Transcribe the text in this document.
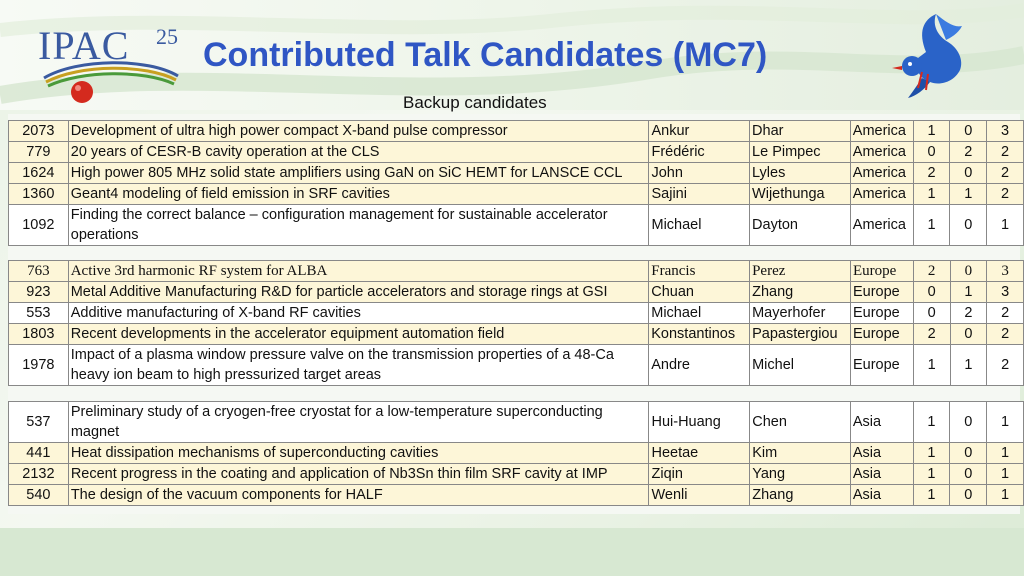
IPAC 25 Contributed Talk Candidates (MC7)
Backup candidates
2073	Development of ultra high power compact X-band pulse compressor	Ankur	Dhar	America	1	0	3
779	20 years of CESR-B cavity operation at the CLS	Frédéric	Le Pimpec	America	0	2	2
1624	High power 805 MHz solid state amplifiers using GaN on SiC HEMT for LANSCE CCL	John	Lyles	America	2	0	2
1360	Geant4 modeling of field emission in SRF cavities	Sajini	Wijethunga	America	1	1	2
1092	Finding the correct balance – configuration management for sustainable accelerator operations	Michael	Dayton	America	1	0	1
763	Active 3rd harmonic RF system for ALBA	Francis	Perez	Europe	2	0	3
923	Metal Additive Manufacturing R&D for particle accelerators and storage rings at GSI	Chuan	Zhang	Europe	0	1	3
553	Additive manufacturing of X-band RF cavities	Michael	Mayerhofer	Europe	0	2	2
1803	Recent developments in the accelerator equipment automation field	Konstantinos	Papastergiou	Europe	2	0	2
1978	Impact of a plasma window pressure valve on the transmission properties of a 48-Ca heavy ion beam to high pressurized target areas	Andre	Michel	Europe	1	1	2
537	Preliminary study of a cryogen-free cryostat for a low-temperature superconducting magnet	Hui-Huang	Chen	Asia	1	0	1
441	Heat dissipation mechanisms of superconducting cavities	Heetae	Kim	Asia	1	0	1
2132	Recent progress in the coating and application of Nb3Sn thin film SRF cavity at IMP	Ziqin	Yang	Asia	1	0	1
540	The design of the vacuum components for HALF	Wenli	Zhang	Asia	1	0	1
